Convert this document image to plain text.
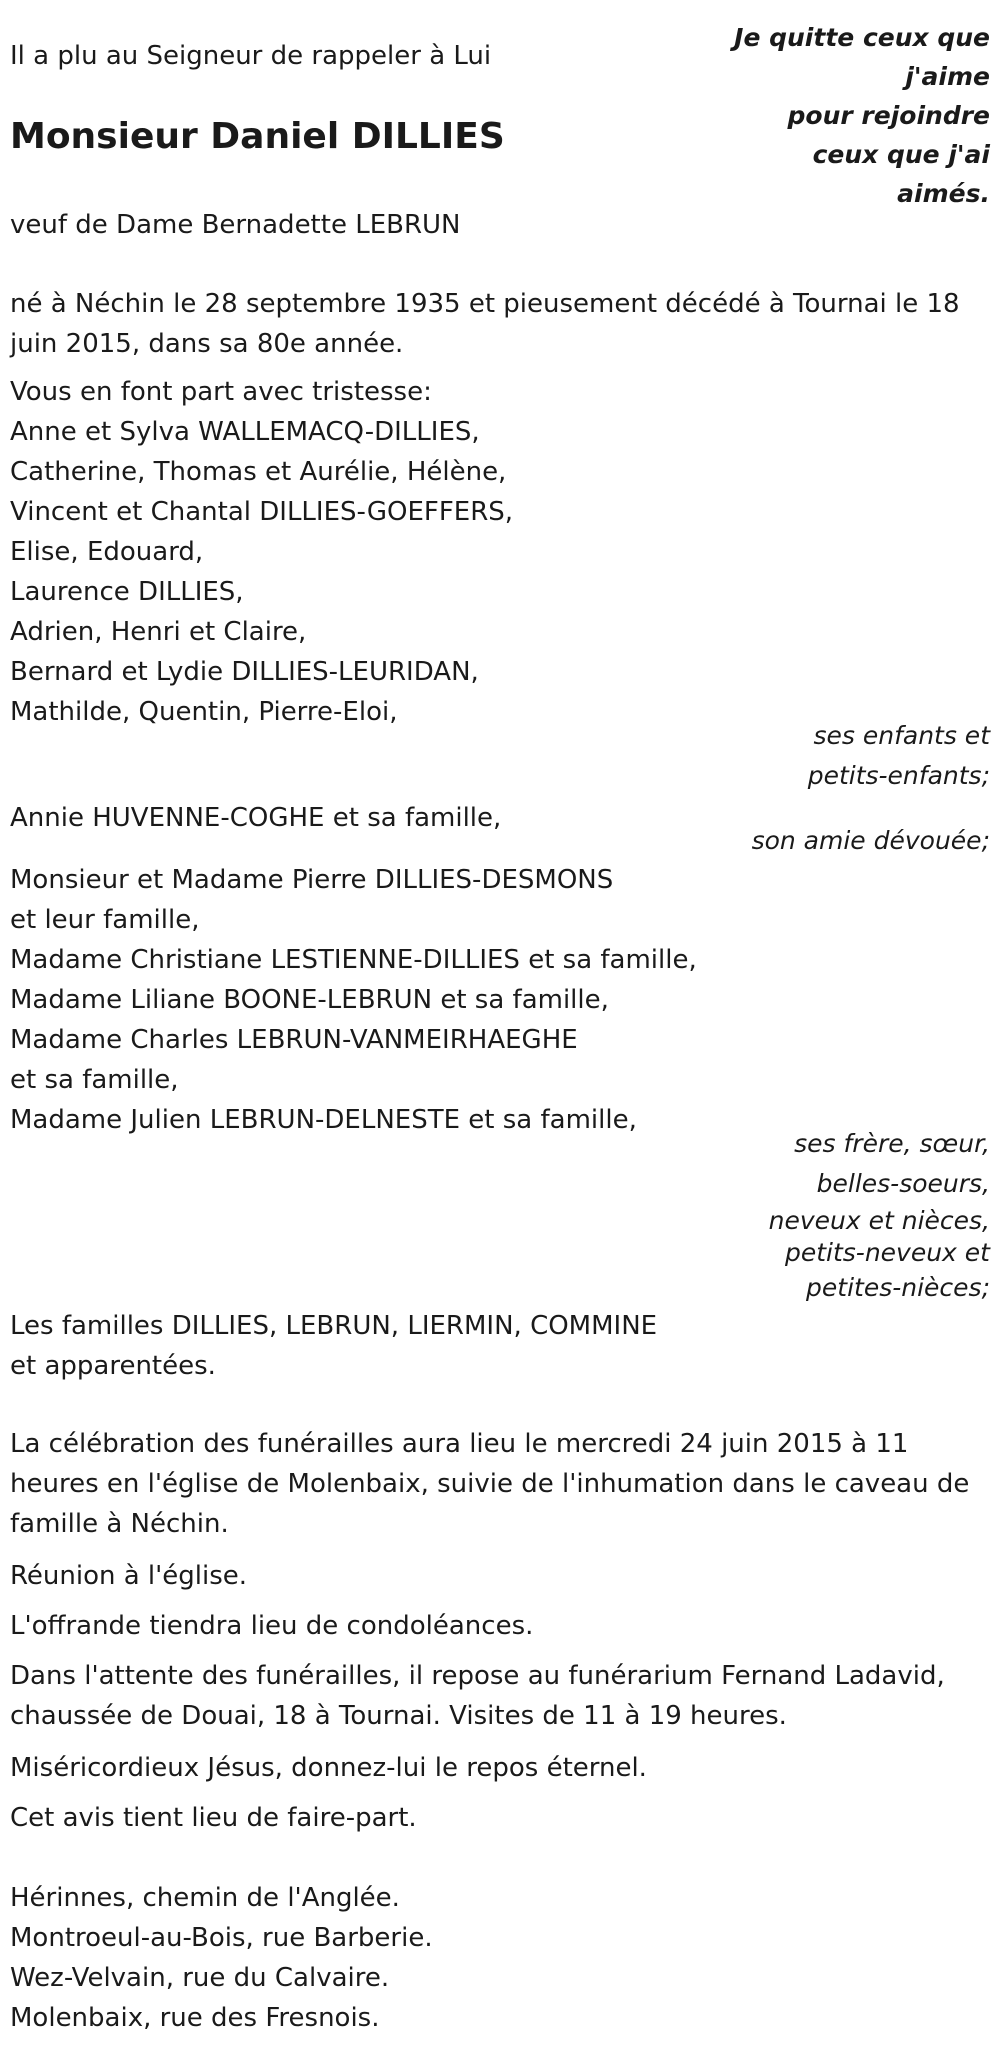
Je quitte ceux que
j'aime
pour rejoindre
ceux que j'ai
aimés.
Il a plu au Seigneur de rappeler à Lui
Monsieur Daniel DILLIES
veuf de Dame Bernadette LEBRUN
né à Néchin le 28 septembre 1935 et pieusement décédé à Tournai le 18 juin 2015, dans sa 80e année.
Vous en font part avec tristesse:
Anne et Sylva WALLEMACQ-DILLIES,
Catherine, Thomas et Aurélie, Hélène,
Vincent et Chantal DILLIES-GOEFFERS,
Elise, Edouard,
Laurence DILLIES,
Adrien, Henri et Claire,
Bernard et Lydie DILLIES-LEURIDAN,
Mathilde, Quentin, Pierre-Eloi,
ses enfants et
petits-enfants;
Annie HUVENNE-COGHE et sa famille,
son amie dévouée;
Monsieur et Madame Pierre DILLIES-DESMONS
et leur famille,
Madame Christiane LESTIENNE-DILLIES et sa famille,
Madame Liliane BOONE-LEBRUN et sa famille,
Madame Charles LEBRUN-VANMEIRHAEGHE
et sa famille,
Madame Julien LEBRUN-DELNESTE et sa famille,
ses frère, sœur,
belles-soeurs,
neveux et nièces,
petits-neveux et
petites-nièces;
Les familles DILLIES, LEBRUN, LIERMIN, COMMINE
et apparentées.
La célébration des funérailles aura lieu le mercredi 24 juin 2015 à 11 heures en l'église de Molenbaix, suivie de l'inhumation dans le caveau de famille à Néchin.
Réunion à l'église.
L'offrande tiendra lieu de condoléances.
Dans l'attente des funérailles, il repose au funérarium Fernand Ladavid, chaussée de Douai, 18 à Tournai. Visites de 11 à 19 heures.
Miséricordieux Jésus, donnez-lui le repos éternel.
Cet avis tient lieu de faire-part.
Hérinnes, chemin de l'Anglée.
Montroeul-au-Bois, rue Barberie.
Wez-Velvain, rue du Calvaire.
Molenbaix, rue des Fresnois.
